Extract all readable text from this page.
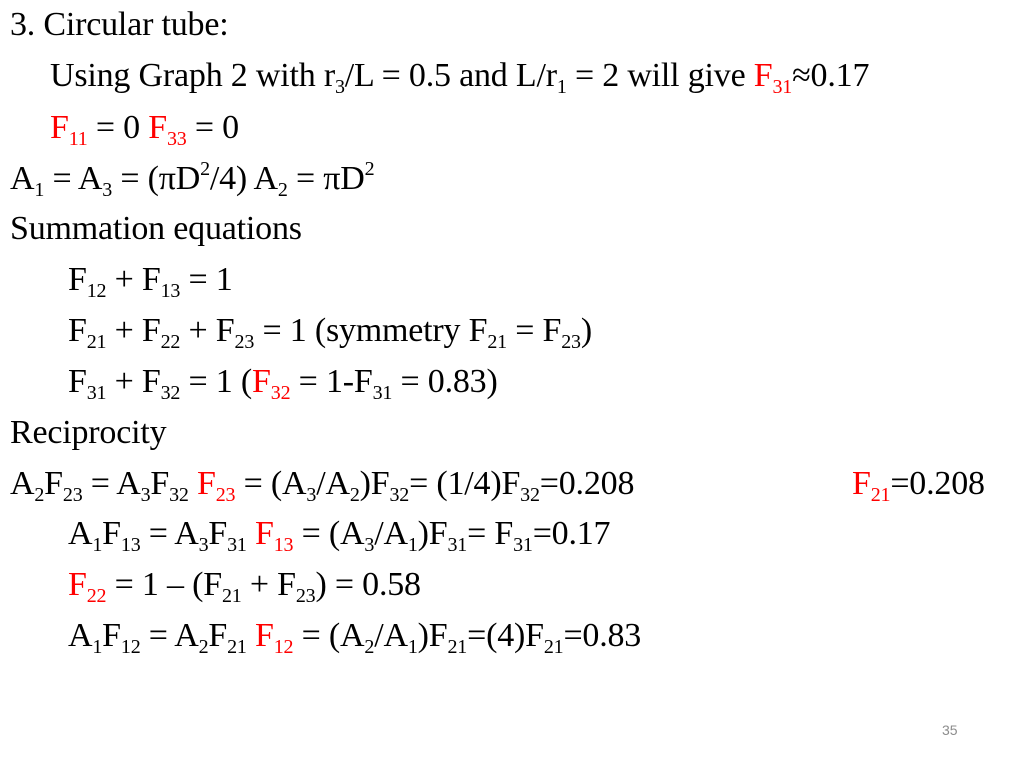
3. Circular tube:
Using Graph 2 with $r_3/L = 0.5$ and $L/r_1 = 2$ will give $F_{31}\approx 0.17$
$F_{11} = 0$ $F_{33} = 0$
$A_1 = A_3 = (\pi D^2/4) A_2 = \pi D^2$
Summation equations
$F_{12} + F_{13} = 1$
$F_{21} + F_{22} + F_{23} = 1$ (symmetry $F_{21} = F_{23}$)
$F_{31} + F_{32} = 1$ $(F_{32} = 1-F_{31} = 0.83)$
Reciprocity
$A_2F_{23} = A_3F_{32}$ $F_{23} = (A_3/A_2)F_{32}= (1/4)F_{32}=0.208$	$F_{21}=0.208$
$A_1F_{13} = A_3F_{31}$ $F_{13} = (A_3/A_1)F_{31}= F_{31}=0.17$
$F_{22} = 1 - (F_{21} + F_{23}) = 0.58$
$A_1F_{12} = A_2F_{21}$ $F_{12} = (A_2/A_1)F_{21}=(4)F_{21}=0.83$
35
